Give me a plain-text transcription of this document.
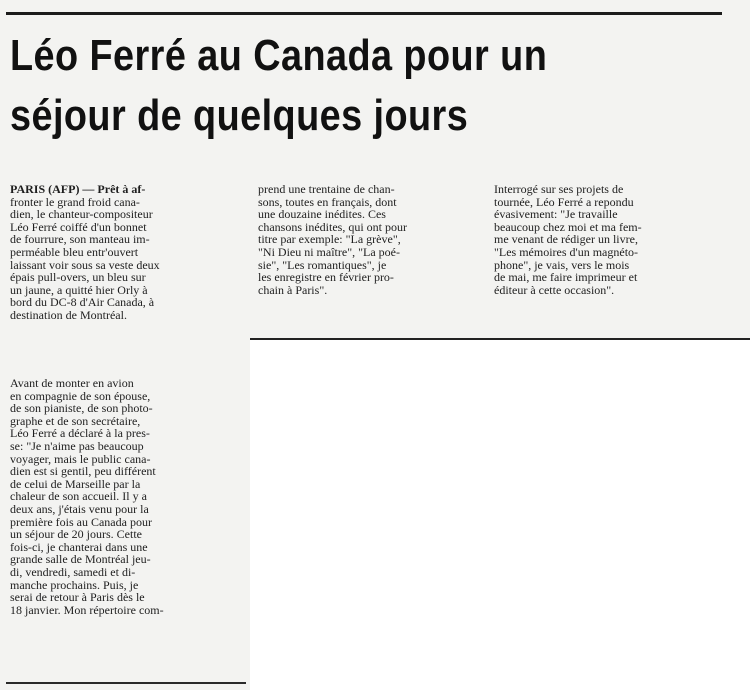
Léo Ferré au Canada pour un
séjour de quelques jours
PARIS (AFP) — Prêt à af-
fronter le grand froid cana-
dien, le chanteur-compositeur
Léo Ferré coiffé d'un bonnet
de fourrure, son manteau im-
perméable bleu entr'ouvert
laissant voir sous sa veste deux
épais pull-overs, un bleu sur
un jaune, a quitté hier Orly à
bord du DC-8 d'Air Canada, à
destination de Montréal.
Avant de monter en avion
en compagnie de son épouse,
de son pianiste, de son photo-
graphe et de son secrétaire,
Léo Ferré a déclaré à la pres-
se: "Je n'aime pas beaucoup
voyager, mais le public cana-
dien est si gentil, peu différent
de celui de Marseille par la
chaleur de son accueil. Il y a
deux ans, j'étais venu pour la
première fois au Canada pour
un séjour de 20 jours. Cette
fois-ci, je chanterai dans une
grande salle de Montréal jeu-
di, vendredi, samedi et di-
manche prochains. Puis, je
serai de retour à Paris dès le
18 janvier. Mon répertoire com-
prend une trentaine de chan-
sons, toutes en français, dont
une douzaine inédites. Ces
chansons inédites, qui ont pour
titre par exemple: "La grève",
"Ni Dieu ni maître", "La poé-
sie", "Les romantiques", je
les enregistre en février pro-
chain à Paris".
Interrogé sur ses projets de
tournée, Léo Ferré a repondu
évasivement: "Je travaille
beaucoup chez moi et ma fem-
me venant de rédiger un livre,
"Les mémoires d'un magnéto-
phone", je vais, vers le mois
de mai, me faire imprimeur et
éditeur à cette occasion".
